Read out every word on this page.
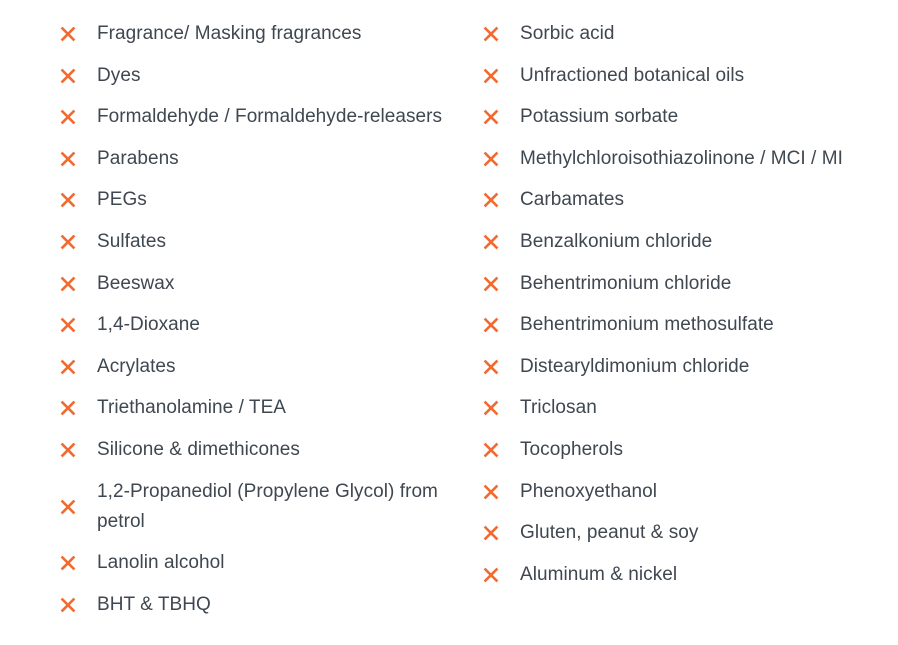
Fragrance/ Masking fragrances
Dyes
Formaldehyde / Formaldehyde-releasers
Parabens
PEGs
Sulfates
Beeswax
1,4-Dioxane
Acrylates
Triethanolamine / TEA
Silicone & dimethicones
1,2-Propanediol (Propylene Glycol) from petrol
Lanolin alcohol
BHT & TBHQ
Sorbic acid
Unfractioned botanical oils
Potassium sorbate
Methylchloroisothiazolinone / MCI / MI
Carbamates
Benzalkonium chloride
Behentrimonium chloride
Behentrimonium methosulfate
Distearyldimonium chloride
Triclosan
Tocopherols
Phenoxyethanol
Gluten, peanut & soy
Aluminum & nickel
